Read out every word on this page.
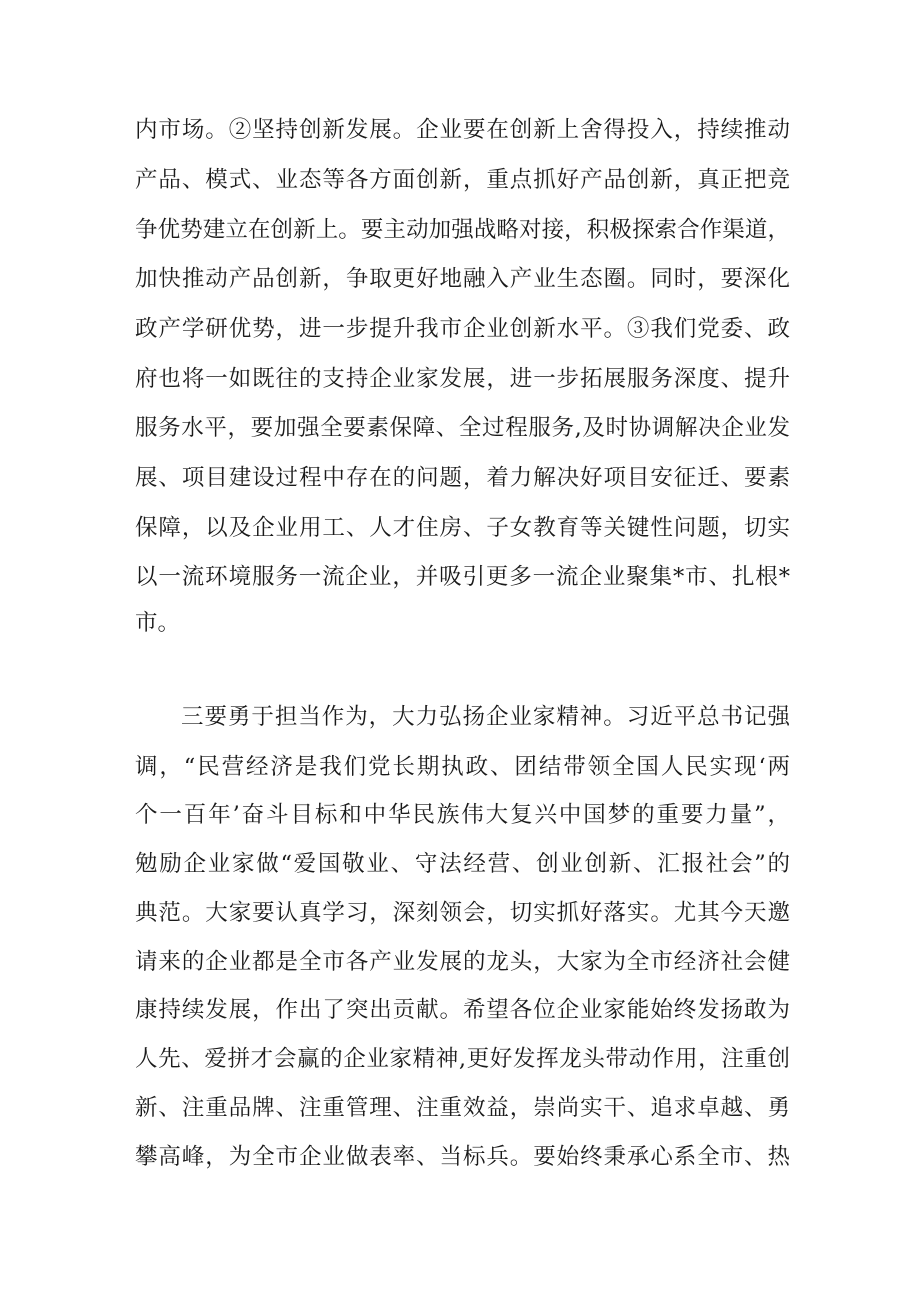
内市场。②坚持创新发展。企业要在创新上舍得投入，持续推动
产品、模式、业态等各方面创新，重点抓好产品创新，真正把竞
争优势建立在创新上。要主动加强战略对接，积极探索合作渠道，
加快推动产品创新，争取更好地融入产业生态圈。同时，要深化
政产学研优势，进一步提升我市企业创新水平。③我们党委、政
府也将一如既往的支持企业家发展，进一步拓展服务深度、提升
服务水平，要加强全要素保障、全过程服务,及时协调解决企业发
展、项目建设过程中存在的问题，着力解决好项目安征迁、要素
保障，以及企业用工、人才住房、子女教育等关键性问题，切实
以一流环境服务一流企业，并吸引更多一流企业聚集*市、扎根*
市。
三要勇于担当作为，大力弘扬企业家精神。习近平总书记强
调，“民营经济是我们党长期执政、团结带领全国人民实现‘两
个一百年’奋斗目标和中华民族伟大复兴中国梦的重要力量”，
勉励企业家做“爱国敬业、守法经营、创业创新、汇报社会”的
典范。大家要认真学习，深刻领会，切实抓好落实。尤其今天邀
请来的企业都是全市各产业发展的龙头，大家为全市经济社会健
康持续发展，作出了突出贡献。希望各位企业家能始终发扬敢为
人先、爱拼才会赢的企业家精神,更好发挥龙头带动作用，注重创
新、注重品牌、注重管理、注重效益，崇尚实干、追求卓越、勇
攀高峰，为全市企业做表率、当标兵。要始终秉承心系全市、热
